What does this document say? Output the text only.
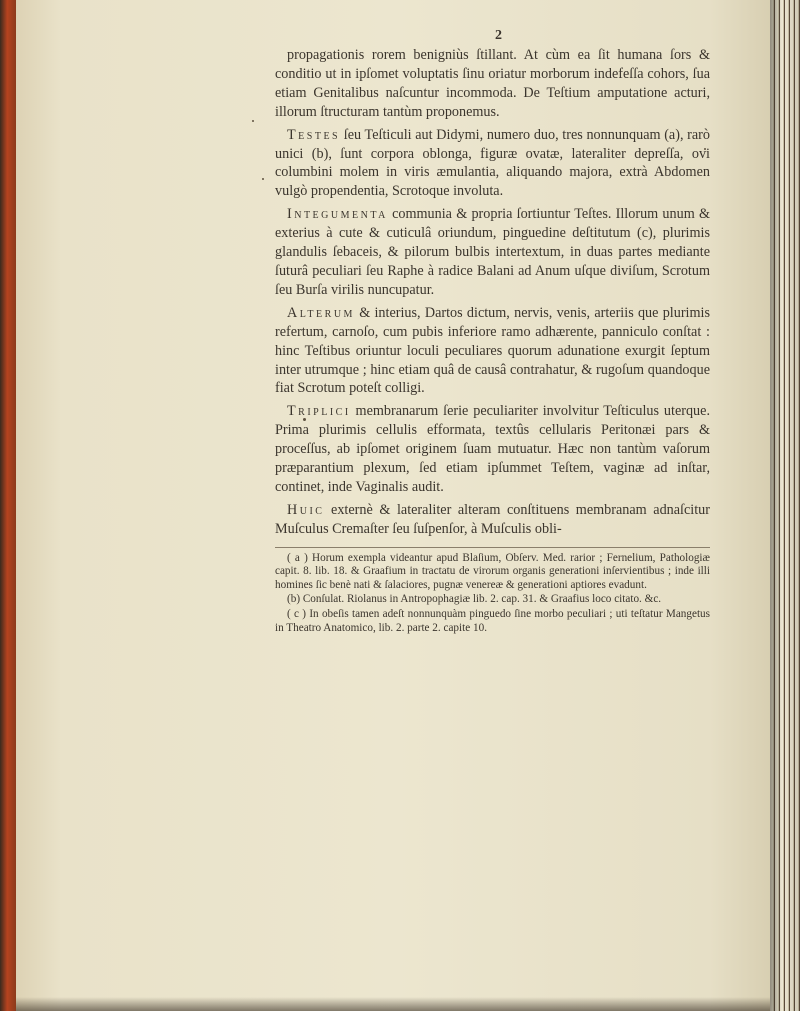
2

propagationis rorem benigniùs ſtillant. At cùm ea ſit humana ſors & conditio ut in ipſomet voluptatis ſinu oriatur morborum indefeſſa cohors, ſua etiam Genitalibus naſcuntur incommoda. De Teſtium amputatione acturi, illorum ſtructuram tantùm proponemus.

Testes ſeu Teſticuli aut Didymi, numero duo, tres nonnunquam (a), rarò unici (b), ſunt corpora oblonga, figuræ ovatæ, lateraliter depreſſa, ovi columbini molem in viris æmulantia, aliquando majora, extrà Abdomen vulgò propendentia, Scrotoque involuta.

Integumenta communia & propria ſortiuntur Teſtes. Illorum unum & exterius à cute & cuticulâ oriundum, pinguedine deſtitutum (c), plurimis glandulis ſebaceis, & pilorum bulbis intertextum, in duas partes mediante ſuturâ peculiari ſeu Raphe à radice Balani ad Anum uſque diviſum, Scrotum ſeu Burſa virilis nuncupatur.

Alterum & interius, Dartos dictum, nervis, venis, arteriis que plurimis refertum, carnoſo, cum pubis inferiore ramo adhærente, panniculo conſtat : hinc Teſtibus oriuntur loculi peculiares quorum adunatione exurgit ſeptum inter utrumque ; hinc etiam quâ de causâ contrahatur, & rugoſum quandoque fiat Scrotum poteſt colligi.

Triplici membranarum ſerie peculiariter involvitur Teſticulus uterque. Prima plurimis cellulis efformata, textûs cellularis Peritonæi pars & proceſſus, ab ipſomet originem ſuam mutuatur. Hæc non tantùm vaſorum præparantium plexum, ſed etiam ipſummet Teſtem, vaginæ ad inſtar, continet, inde Vaginalis audit.

Huic externè & lateraliter alteram conſtituens membranam adnaſcitur Muſculus Cremaſter ſeu ſuſpenſor, à Muſculis obli-

( a ) Horum exempla videantur apud Blaſium, Obſerv. Med. rarior ; Fernelium, Pathologiæ capit. 8. lib. 18. & Graafium in tractatu de virorum organis generationi inſervientibus ; inde illi homines ſic benè nati & ſalaciores, pugnæ venereæ & generationi aptiores evadunt.

(b) Conſulat. Riolanus in Antropophagiæ lib. 2. cap. 31. & Graafius loco citato. &c.

( c ) In obeſis tamen adeſt nonnunquàm pinguedo ſine morbo peculiari ; uti teſtatur Mangetus in Theatro Anatomico, lib. 2. parte 2. capite 10.
